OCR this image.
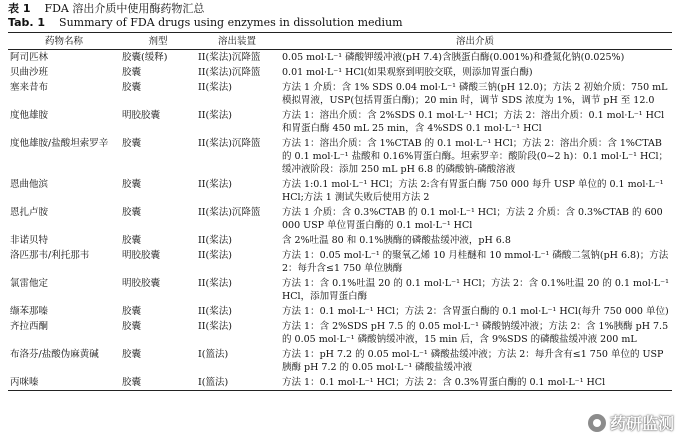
表 1 FDA 溶出介质中使用酶药物汇总
Tab. 1 Summary of FDA drugs using enzymes in dissolution medium
药物名称	剂型	溶出装置	溶出介质
阿司匹林	胶囊(缓释)	II(桨法)沉降篮	0.05 mol·L⁻¹ 磷酸钾缓冲液(pH 7.4)含胰蛋白酶(0.001%)和叠氮化钠(0.025%)
贝曲沙班	胶囊	II(桨法)沉降篮	0.01 mol·L⁻¹ HCl(如果观察到明胶交联，则添加胃蛋白酶)
塞来昔布	胶囊	II(桨法)	方法 1 介质：含 1% SDS 0.04 mol·L⁻¹ 磷酸三钠(pH 12.0)；方法 2 初始介质：750 mL 模拟胃液，USP(包括胃蛋白酶)；20 min 时，调节 SDS 浓度为 1%，调节 pH 至 12.0
度他雄胺	明胶胶囊	II(桨法)	方法 1：溶出介质：含 2%SDS 0.1 mol·L⁻¹ HCl；方法 2：溶出介质：0.1 mol·L⁻¹ HCl 和胃蛋白酶 450 mL 25 min，含 4%SDS 0.1 mol·L⁻¹ HCl
度他雄胺/盐酸坦索罗辛	胶囊	II(桨法)沉降篮	方法 1：溶出介质：含 1%CTAB 的 0.1 mol·L⁻¹ HCl；方法 2：溶出介质：含 1%CTAB 的 0.1 mol·L⁻¹ 盐酸和 0.16%胃蛋白酶。坦索罗辛：酸阶段(0~2 h)：0.1 mol·L⁻¹ HCl；缓冲液阶段：添加 250 mL pH 6.8 的磷酸钠-磷酸溶液
恩曲他滨	胶囊	II(桨法)	方法 1:0.1 mol·L⁻¹ HCl；方法 2:含有胃蛋白酶 750 000 每升 USP 单位的 0.1 mol·L⁻¹ HCl;方法 1 测试失败后使用方法 2
恩扎卢胺	胶囊	II(桨法)沉降篮	方法 1 介质：含 0.3%CTAB 的 0.1 mol·L⁻¹ HCl；方法 2 介质：含 0.3%CTAB 的 600 000 USP 单位胃蛋白酶的 0.1 mol·L⁻¹ HCl
非诺贝特	胶囊	II(桨法)	含 2%吐温 80 和 0.1%胰酶的磷酸盐缓冲液，pH 6.8
洛匹那韦/利托那韦	明胶胶囊	II(桨法)	方法 1：0.05 mol·L⁻¹ 的聚氧乙烯 10 月桂醚和 10 mmol·L⁻¹ 磷酸二氢钠(pH 6.8)；方法 2：每升含≤1 750 单位胰酶
氯雷他定	明胶胶囊	II(桨法)	方法 1：含 0.1%吐温 20 的 0.1 mol·L⁻¹ HCl；方法 2：含 0.1%吐温 20 的 0.1 mol·L⁻¹ HCl，添加胃蛋白酶
缬苯那嗪	胶囊	II(桨法)	方法 1：0.1 mol·L⁻¹ HCl；方法 2：含胃蛋白酶的 0.1 mol·L⁻¹ HCl(每升 750 000 单位)
齐拉西酮	胶囊	II(桨法)	方法 1：含 2%SDS pH 7.5 的 0.05 mol·L⁻¹ 磷酸钠缓冲液；方法 2：含 1%胰酶 pH 7.5 的 0.05 mol·L⁻¹ 磷酸钠缓冲液，15 min 后，含 9%SDS 的磷酸盐缓冲液 200 mL
布洛芬/盐酸伪麻黄碱	胶囊	I(篮法)	方法 1：pH 7.2 的 0.05 mol·L⁻¹ 磷酸盐缓冲液；方法 2：每升含有≤1 750 单位的 USP 胰酶 pH 7.2 的 0.05 mol·L⁻¹ 磷酸盐缓冲液
丙咪嗪	胶囊	I(篮法)	方法 1：0.1 mol·L⁻¹ HCl；方法 2：含 0.3%胃蛋白酶的 0.1 mol·L⁻¹ HCl
药研监测
